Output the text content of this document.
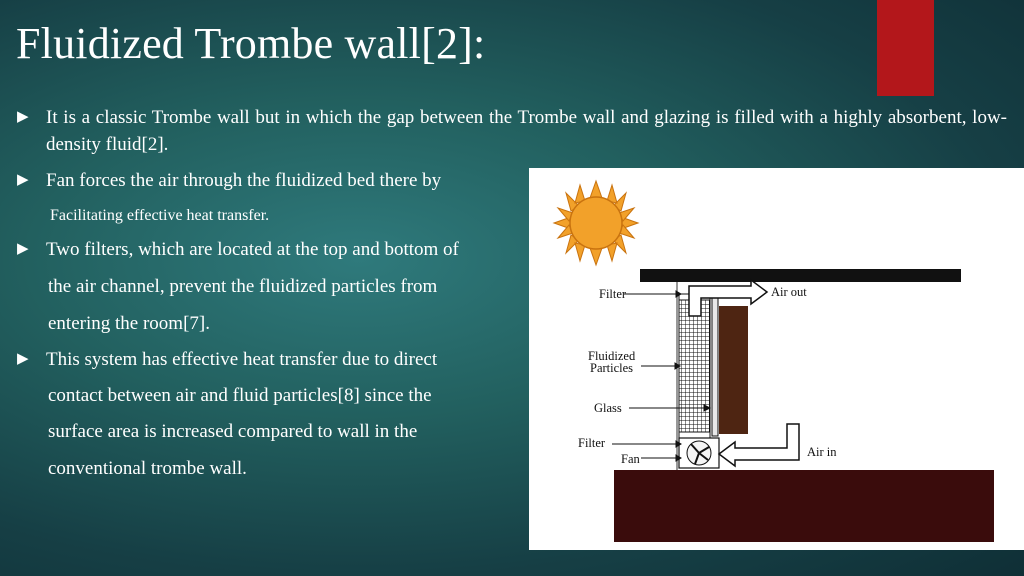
Fluidized Trombe wall[2]:
▶ It is a classic Trombe wall but in which the gap between the Trombe wall and glazing is filled with a highly absorbent, low-density fluid[2].
▶ Fan forces the air through the fluidized bed there by
Facilitating effective heat transfer.
▶ Two filters, which are located at the top and bottom of
the air channel, prevent the fluidized particles from
entering the room[7].
▶ This system has effective heat transfer due to direct
contact between air and fluid particles[8] since the
surface area is increased compared to wall in the
conventional trombe wall.
Filter	Air out
Fluidized
Particles
Glass
Filter
Fan	Air in
